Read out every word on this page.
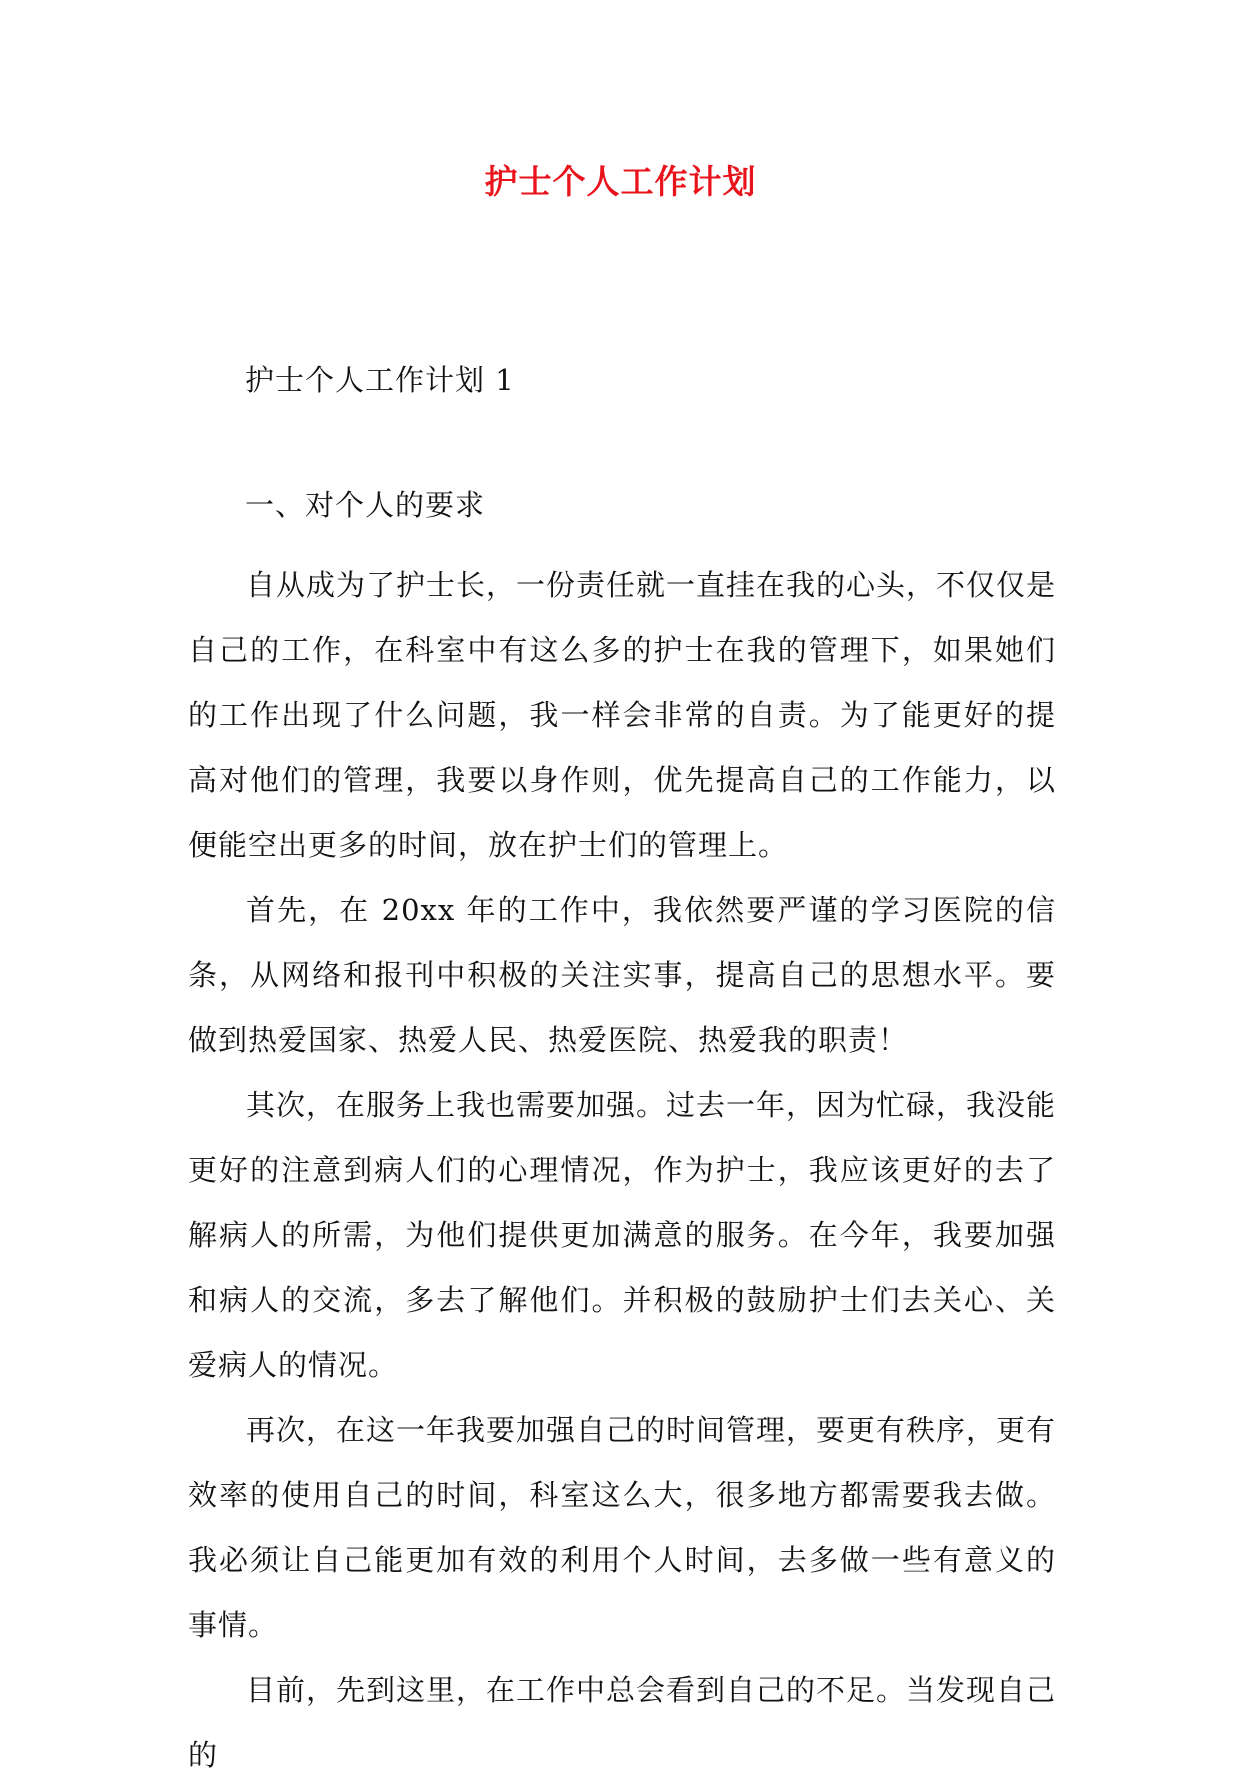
护士个人工作计划

护士个人工作计划 1

一、对个人的要求

自从成为了护士长，一份责任就一直挂在我的心头，不仅仅是自己的工作，在科室中有这么多的护士在我的管理下，如果她们的工作出现了什么问题，我一样会非常的自责。为了能更好的提高对他们的管理，我要以身作则，优先提高自己的工作能力，以便能空出更多的时间，放在护士们的管理上。

首先，在 20xx 年的工作中，我依然要严谨的学习医院的信条，从网络和报刊中积极的关注实事，提高自己的思想水平。要做到热爱国家、热爱人民、热爱医院、热爱我的职责！

其次，在服务上我也需要加强。过去一年，因为忙碌，我没能更好的注意到病人们的心理情况，作为护士，我应该更好的去了解病人的所需，为他们提供更加满意的服务。在今年，我要加强和病人的交流，多去了解他们。并积极的鼓励护士们去关心、关爱病人的情况。

再次，在这一年我要加强自己的时间管理，要更有秩序，更有效率的使用自己的时间，科室这么大，很多地方都需要我去做。我必须让自己能更加有效的利用个人时间，去多做一些有意义的事情。

目前，先到这里，在工作中总会看到自己的不足。当发现自己的
